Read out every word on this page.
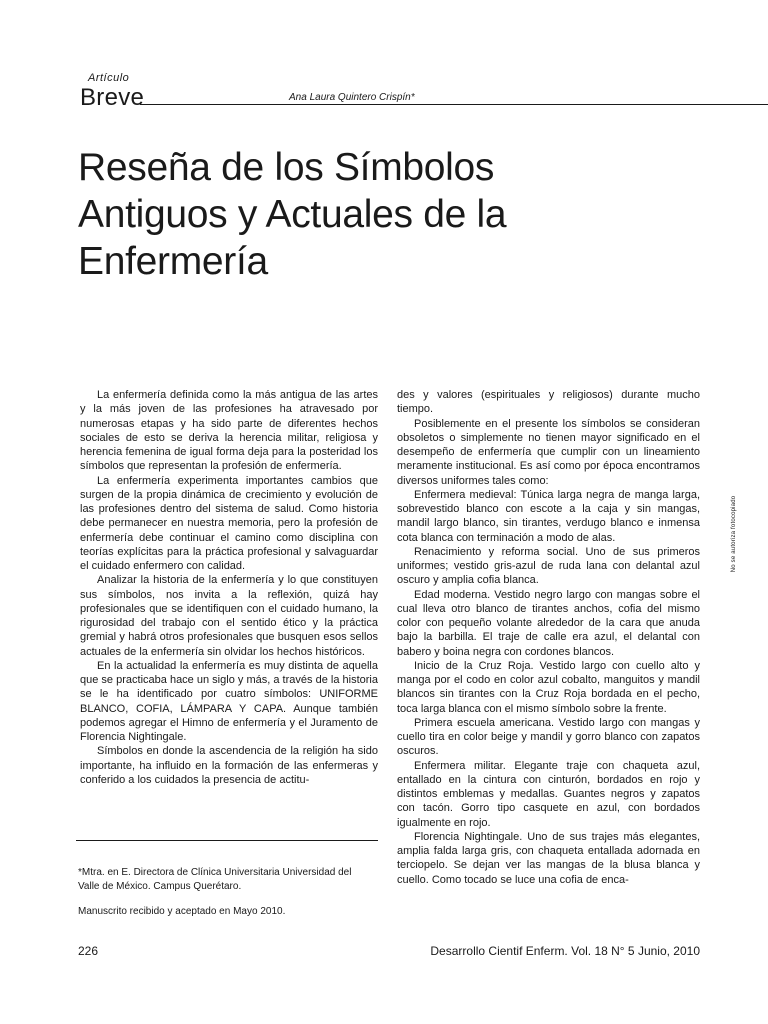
Artículo
Breve	Ana Laura Quintero Crispín*
Reseña de los Símbolos
Antiguos y Actuales de la
Enfermería

La enfermería definida como la más antigua de las artes y la más joven de las profesiones ha atravesado por numerosas etapas y ha sido parte de diferentes hechos sociales de esto se deriva la herencia militar, religiosa y herencia femenina de igual forma deja para la posteridad los símbolos que representan la profesión de enfermería.

La enfermería experimenta importantes cambios que surgen de la propia dinámica de crecimiento y evolución de las profesiones dentro del sistema de salud. Como historia debe permanecer en nuestra memoria, pero la profesión de enfermería debe continuar el camino como disciplina con teorías explícitas para la práctica profesional y salvaguardar el cuidado enfermero con calidad.

Analizar la historia de la enfermería y lo que constituyen sus símbolos, nos invita a la reflexión, quizá hay profesionales que se identifiquen con el cuidado humano, la rigurosidad del trabajo con el sentido ético y la práctica gremial y habrá otros profesionales que busquen esos sellos actuales de la enfermería sin olvidar los hechos históricos.

En la actualidad la enfermería es muy distinta de aquella que se practicaba hace un siglo y más, a través de la historia se le ha identificado por cuatro símbolos: UNIFORME BLANCO, COFIA, LÁMPARA Y CAPA. Aunque también podemos agregar el Himno de enfermería y el Juramento de Florencia Nightingale.

Símbolos en donde la ascendencia de la religión ha sido importante, ha influido en la formación de las enfermeras y conferido a los cuidados la presencia de actitu-

*Mtra. en E. Directora de Clínica Universitaria Universidad del Valle de México. Campus Querétaro.

Manuscrito recibido y aceptado en Mayo 2010.

des y valores (espirituales y religiosos) durante mucho tiempo.

Posiblemente en el presente los símbolos se consideran obsoletos o simplemente no tienen mayor significado en el desempeño de enfermería que cumplir con un lineamiento meramente institucional. Es así como por época encontramos diversos uniformes tales como:

Enfermera medieval: Túnica larga negra de manga larga, sobrevestido blanco con escote a la caja y sin mangas, mandil largo blanco, sin tirantes, verdugo blanco e inmensa cota blanca con terminación a modo de alas.

Renacimiento y reforma social. Uno de sus primeros uniformes; vestido gris-azul de ruda lana con delantal azul oscuro y amplia cofia blanca.

Edad moderna. Vestido negro largo con mangas sobre el cual lleva otro blanco de tirantes anchos, cofia del mismo color con pequeño volante alrededor de la cara que anuda bajo la barbilla. El traje de calle era azul, el delantal con babero y boina negra con cordones blancos.

Inicio de la Cruz Roja. Vestido largo con cuello alto y manga por el codo en color azul cobalto, manguitos y mandil blancos sin tirantes con la Cruz Roja bordada en el pecho, toca larga blanca con el mismo símbolo sobre la frente.

Primera escuela americana. Vestido largo con mangas y cuello tira en color beige y mandil y gorro blanco con zapatos oscuros.

Enfermera militar. Elegante traje con chaqueta azul, entallado en la cintura con cinturón, bordados en rojo y distintos emblemas y medallas. Guantes negros y zapatos con tacón. Gorro tipo casquete en azul, con bordados igualmente en rojo.

Florencia Nightingale. Uno de sus trajes más elegantes, amplia falda larga gris, con chaqueta entallada adornada en terciopelo. Se dejan ver las mangas de la blusa blanca y cuello. Como tocado se luce una cofia de enca-

No se autoriza fotocopiado
226	Desarrollo Cientif Enferm. Vol. 18 N° 5 Junio, 2010
